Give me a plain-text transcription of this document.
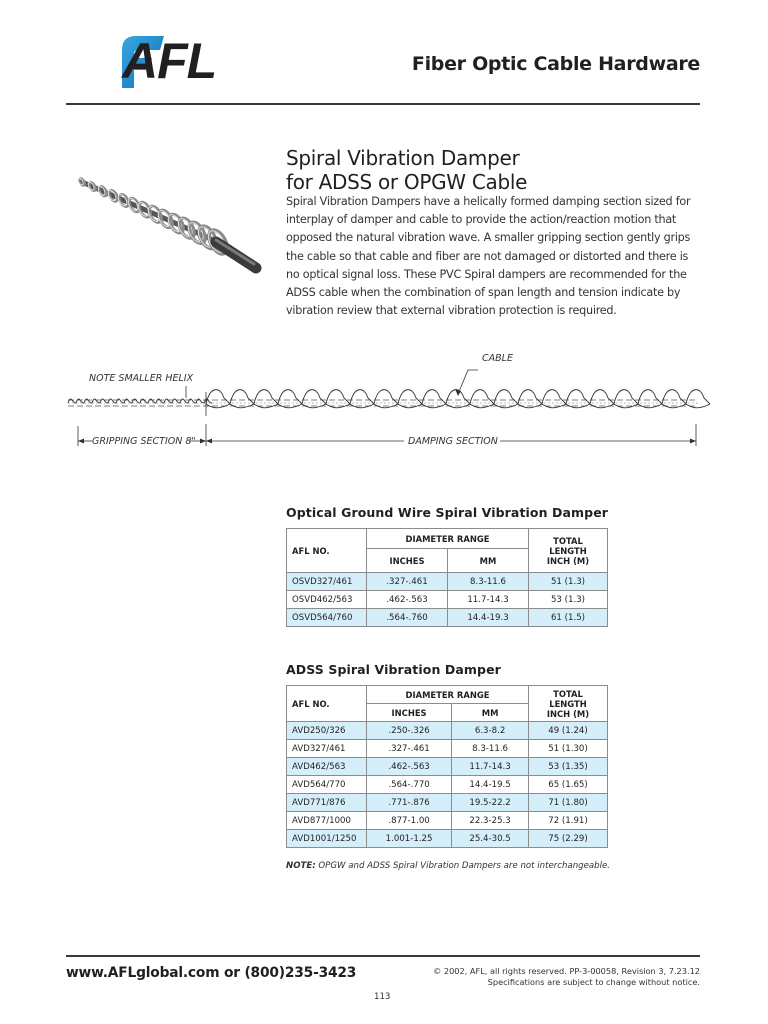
AFL	Fiber Optic Cable Hardware
Spiral Vibration Damper
for ADSS or OPGW Cable
Spiral Vibration Dampers have a helically formed damping section sized for interplay of damper and cable to provide the action/reaction motion that opposed the natural vibration wave. A smaller gripping section gently grips the cable so that cable and fiber are not damaged or distorted and there is no optical signal loss. These PVC Spiral dampers are recommended for the ADSS cable when the combination of span length and tension indicate by vibration review that external vibration protection is required.
CABLE
NOTE SMALLER HELIX
GRIPPING SECTION 8"	DAMPING SECTION
Optical Ground Wire Spiral Vibration Damper
AFL NO.	DIAMETER RANGE		TOTAL LENGTH
INCH (M)

	INCHES	MM	
OSVD327/461	.327-.461	8.3-11.6	51 (1.3)
OSVD462/563	.462-.563	11.7-14.3	53 (1.3)
OSVD564/760	.564-.760	14.4-19.3	61 (1.5)
ADSS Spiral Vibration Damper
AFL NO.	DIAMETER RANGE		TOTAL LENGTH
INCH (M)

	INCHES	MM	
AVD250/326	.250-.326	6.3-8.2	49 (1.24)
AVD327/461	.327-.461	8.3-11.6	51 (1.30)
AVD462/563	.462-.563	11.7-14.3	53 (1.35)
AVD564/770	.564-.770	14.4-19.5	65 (1.65)
AVD771/876	.771-.876	19.5-22.2	71 (1.80)
AVD877/1000	.877-1.00	22.3-25.3	72 (1.91)
AVD1001/1250	1.001-1.25	25.4-30.5	75 (2.29)
NOTE: OPGW and ADSS Spiral Vibration Dampers are not interchangeable.
www.AFLglobal.com or (800)235-3423	© 2002, AFL, all rights reserved. PP-3-00058, Revision 3, 7.23.12
Specifications are subject to change without notice.
113
